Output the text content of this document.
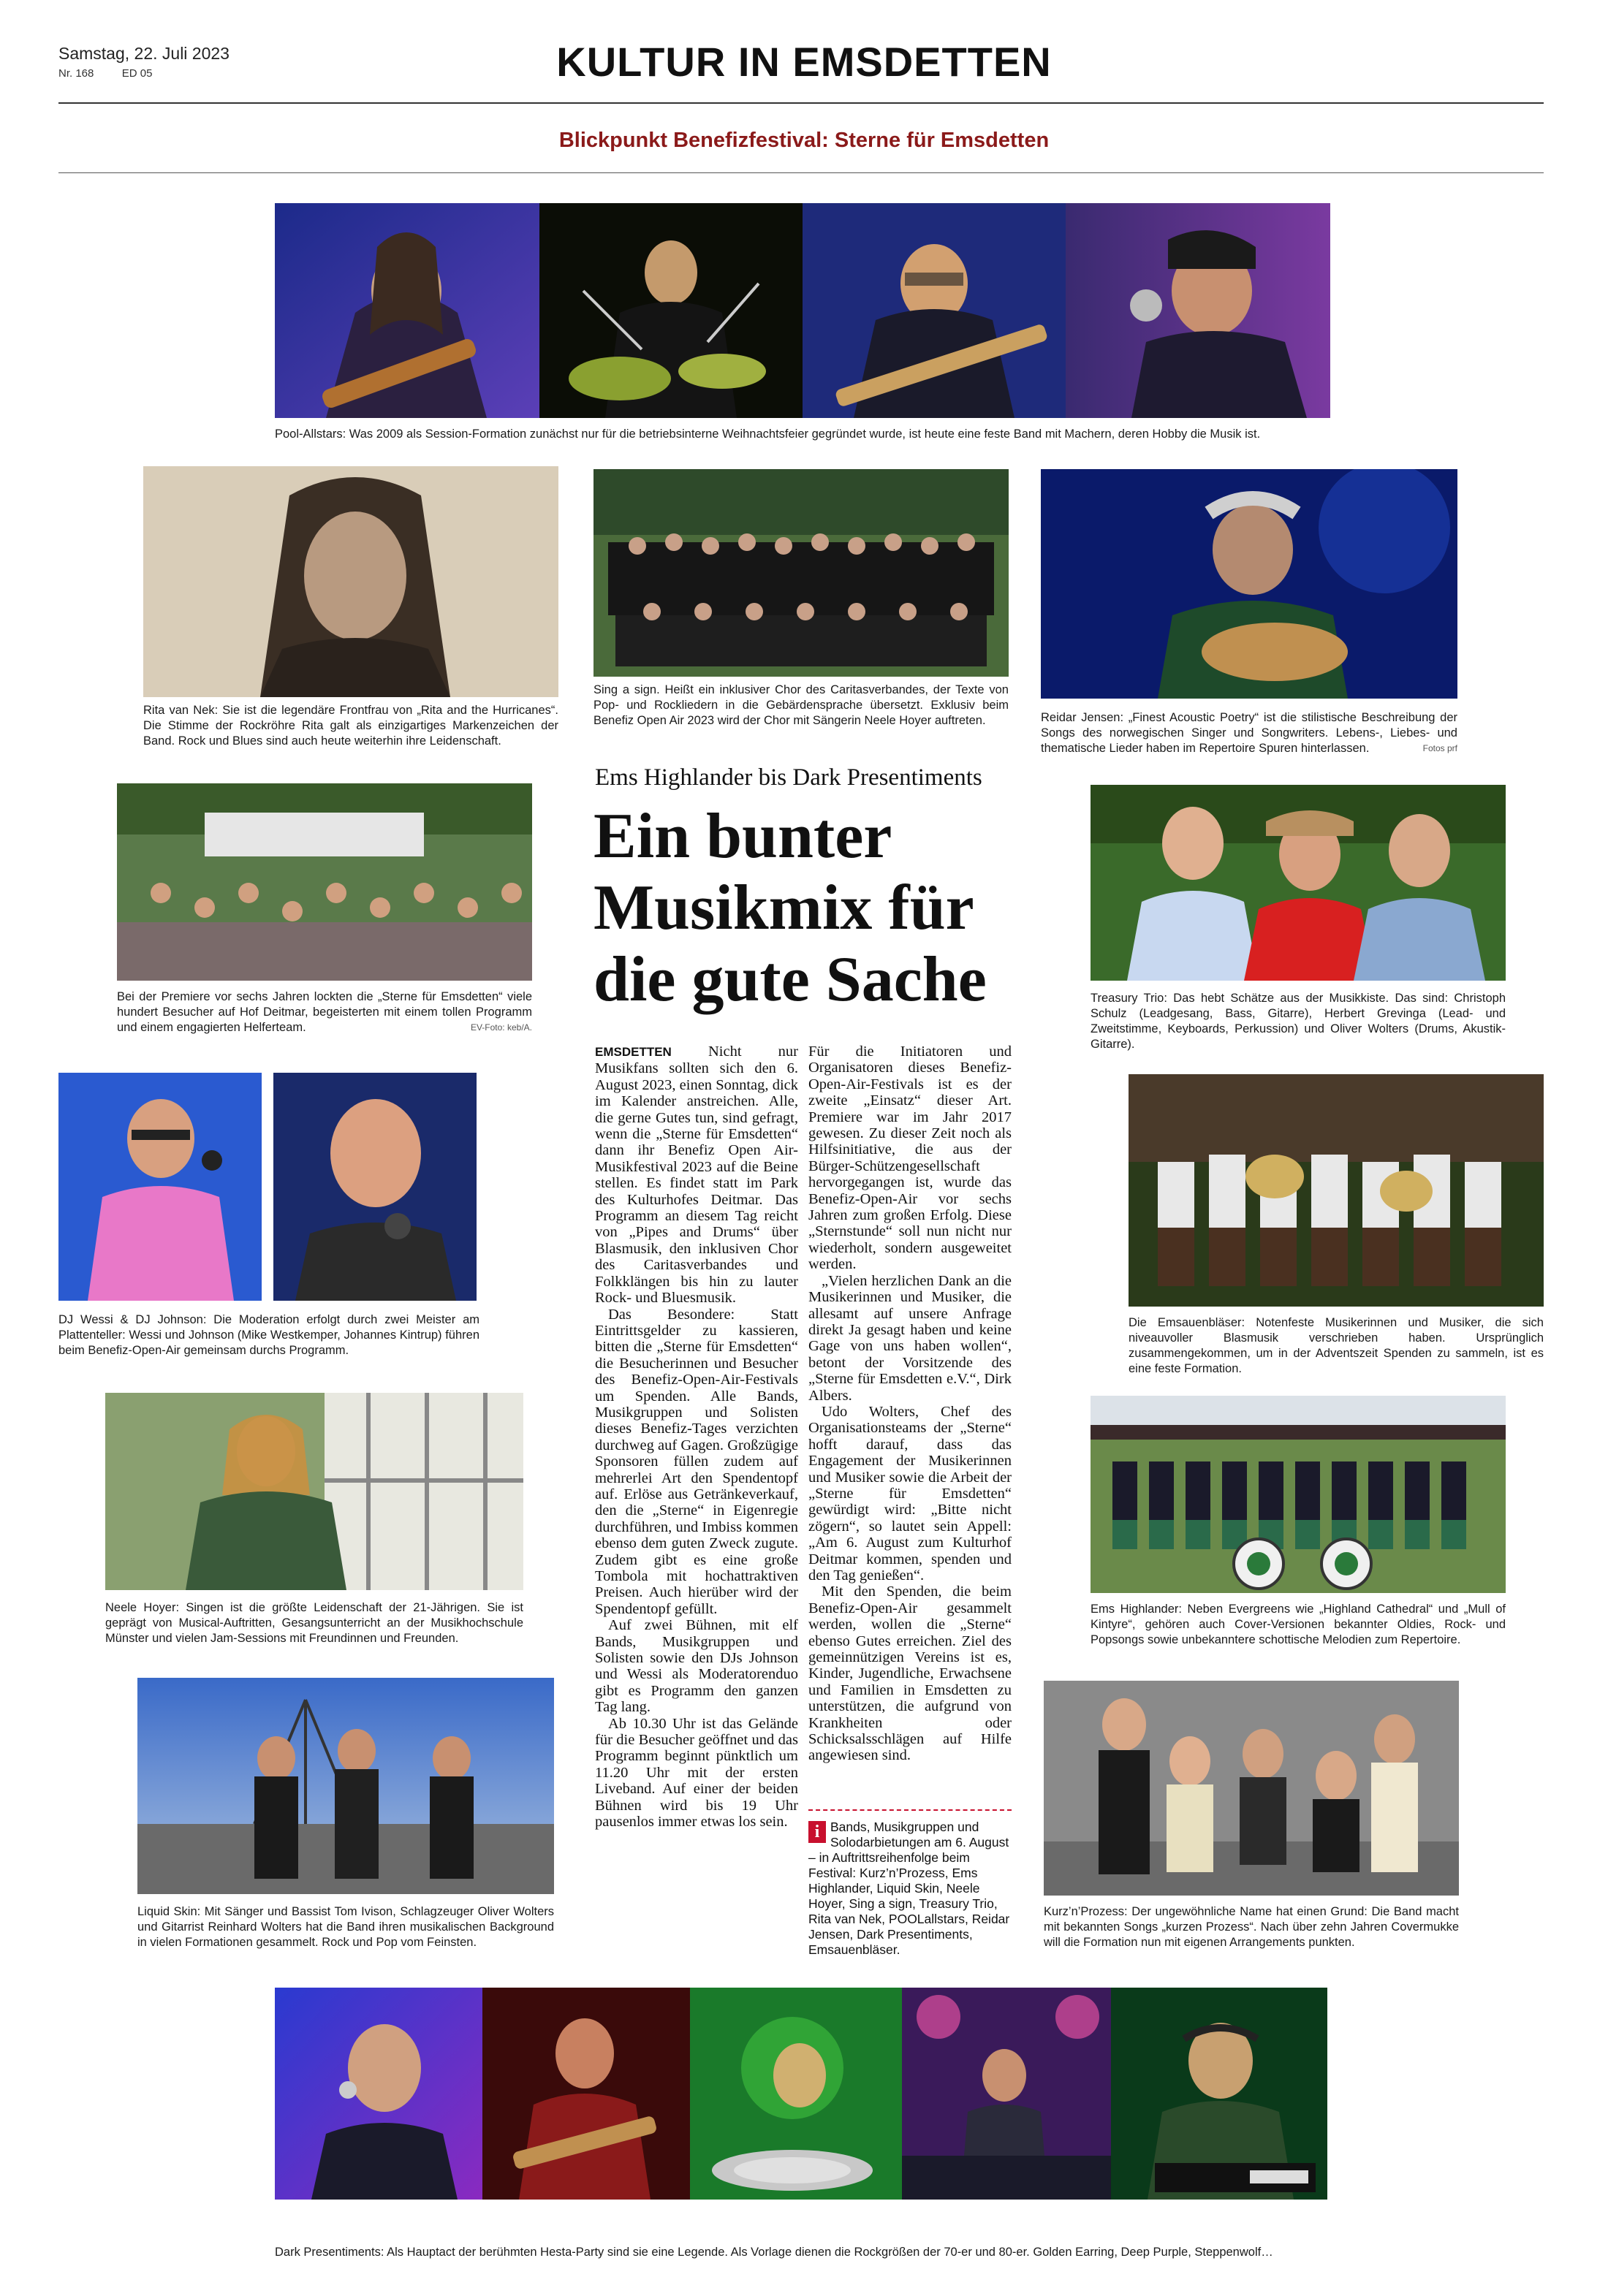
Samstag, 22. Juli 2023
Nr. 168	ED 05	KULTUR IN EMSDETTEN
Blickpunkt Benefizfestival: Sterne für Emsdetten
Pool-Allstars: Was 2009 als Session-Formation zunächst nur für die betriebsinterne Weihnachtsfeier gegründet wurde, ist heute eine feste Band mit Machern, deren Hobby die Musik ist.
Rita van Nek: Sie ist die legendäre Frontfrau von „Rita and the Hurricanes“. Die Stimme der Rockröhre Rita galt als einzigartiges Markenzeichen der Band. Rock und Blues sind auch heute weiterhin ihre Leidenschaft.
Sing a sign. Heißt ein inklusiver Chor des Caritasverbandes, der Texte von Pop- und Rockliedern in die Gebärdensprache übersetzt. Exklusiv beim Benefiz Open Air 2023 wird der Chor mit Sängerin Neele Hoyer auftreten.	Reidar Jensen: „Finest Acoustic Poetry“ ist die stilistische Beschreibung der Songs des norwegischen Singer und Songwriters. Lebens-, Liebes- und thematische Lieder haben im Repertoire Spuren hinterlassen.	Fotos prf
Bei der Premiere vor sechs Jahren lockten die „Sterne für Emsdetten“ viele hundert Besucher auf Hof Deitmar, begeisterten mit einem tollen Programm und einem engagierten Helferteam.	EV-Foto: keb/A.
DJ Wessi & DJ Johnson: Die Moderation erfolgt durch zwei Meister am Plattenteller: Wessi und Johnson (Mike Westkemper, Johannes Kintrup) führen beim Benefiz-Open-Air gemeinsam durchs Programm.
Neele Hoyer: Singen ist die größte Leidenschaft der 21-Jährigen. Sie ist geprägt von Musical-Auftritten, Gesangsunterricht an der Musikhochschule Münster und vielen Jam-Sessions mit Freundinnen und Freunden.
Liquid Skin: Mit Sänger und Bassist Tom Ivison, Schlagzeuger Oliver Wolters und Gitarrist Reinhard Wolters hat die Band ihren musikalischen Background in vielen Formationen gesammelt. Rock und Pop vom Feinsten.
Ems Highlander bis Dark Presentiments
Ein bunter Musikmix für die gute Sache

EMSDETTEN Nicht nur Musikfans sollten sich den 6. August 2023, einen Sonntag, dick im Kalender anstreichen. Alle, die gerne Gutes tun, sind gefragt, wenn die „Sterne für Emsdetten“ dann ihr Benefiz Open Air-Musikfestival 2023 auf die Beine stellen. Es findet statt im Park des Kulturhofes Deitmar. Das Programm an diesem Tag reicht von „Pipes and Drums“ über Blasmusik, den inklusiven Chor des Caritasverbandes und Folkklängen bis hin zu lauter Rock- und Bluesmusik.

Das Besondere: Statt Eintrittsgelder zu kassieren, bitten die „Sterne für Emsdetten“ die Besucherinnen und Besucher des Benefiz-Open-Air-Festivals um Spenden. Alle Bands, Musikgruppen und Solisten dieses Benefiz-Tages verzichten durchweg auf Gagen. Großzügige Sponsoren füllen zudem auf mehrerlei Art den Spendentopf auf. Erlöse aus Getränkeverkauf, den die „Sterne“ in Eigenregie durchführen, und Imbiss kommen ebenso dem guten Zweck zugute. Zudem gibt es eine große Tombola mit hochattraktiven Preisen. Auch hierüber wird der Spendentopf gefüllt.

Auf zwei Bühnen, mit elf Bands, Musikgruppen und Solisten sowie den DJs Johnson und Wessi als Moderatorenduo gibt es Programm den ganzen Tag lang.

Ab 10.30 Uhr ist das Gelände für die Besucher geöffnet und das Programm beginnt pünktlich um 11.20 Uhr mit der ersten Liveband. Auf einer der beiden Bühnen wird bis 19 Uhr pausenlos immer etwas los sein.

Für die Initiatoren und Organisatoren dieses Benefiz-Open-Air-Festivals ist es der zweite „Einsatz“ dieser Art. Premiere war im Jahr 2017 gewesen. Zu dieser Zeit noch als Hilfsinitiative, die aus der Bürger-Schützengesellschaft hervorgegangen ist, wurde das Benefiz-Open-Air vor sechs Jahren zum großen Erfolg. Diese „Sternstunde“ soll nun nicht nur wiederholt, sondern ausgeweitet werden.

„Vielen herzlichen Dank an die Musikerinnen und Musiker, die allesamt auf unsere Anfrage direkt Ja gesagt haben und keine Gage von uns haben wollen“, betont der Vorsitzende des „Sterne für Emsdetten e.V.“, Dirk Albers.

Udo Wolters, Chef des Organisationsteams der „Sterne“ hofft darauf, dass das Engagement der Musikerinnen und Musiker sowie die Arbeit der „Sterne für Emsdetten“ gewürdigt wird: „Bitte nicht zögern“, so lautet sein Appell: „Am 6. August zum Kulturhof Deitmar kommen, spenden und den Tag genießen“.

Mit den Spenden, die beim Benefiz-Open-Air gesammelt werden, wollen die „Sterne“ ebenso Gutes erreichen. Ziel des gemeinnützigen Vereins ist es, Kinder, Jugendliche, Erwachsene und Familien in Emsdetten zu unterstützen, die aufgrund von Krankheiten oder Schicksalsschlägen auf Hilfe angewiesen sind.

i Bands, Musikgruppen und Solodarbietungen am 6. August – in Auftrittsreihenfolge beim Festival: Kurz’n’Prozess, Ems Highlander, Liquid Skin, Neele Hoyer, Sing a sign, Treasury Trio, Rita van Nek, POOLallstars, Reidar Jensen, Dark Presentiments, Emsauenbläser.
Treasury Trio: Das hebt Schätze aus der Musikkiste. Das sind: Christoph Schulz (Leadgesang, Bass, Gitarre), Herbert Grevinga (Lead- und Zweitstimme, Keyboards, Perkussion) und Oliver Wolters (Drums, Akustik-Gitarre).
Die Emsauenbläser: Notenfeste Musikerinnen und Musiker, die sich niveauvoller Blasmusik verschrieben haben. Ursprünglich zusammengekommen, um in der Adventszeit Spenden zu sammeln, ist es eine feste Formation.
Ems Highlander: Neben Evergreens wie „Highland Cathedral“ und „Mull of Kintyre“, gehören auch Cover-Versionen bekannter Oldies, Rock- und Popsongs sowie unbekanntere schottische Melodien zum Repertoire.
Kurz’n’Prozess: Der ungewöhnliche Name hat einen Grund: Die Band macht mit bekannten Songs „kurzen Prozess“. Nach über zehn Jahren Covermukke will die Formation nun mit eigenen Arrangements punkten.
Dark Presentiments: Als Hauptact der berühmten Hesta-Party sind sie eine Legende. Als Vorlage dienen die Rockgrößen der 70-er und 80-er. Golden Earring, Deep Purple, Steppenwolf…
